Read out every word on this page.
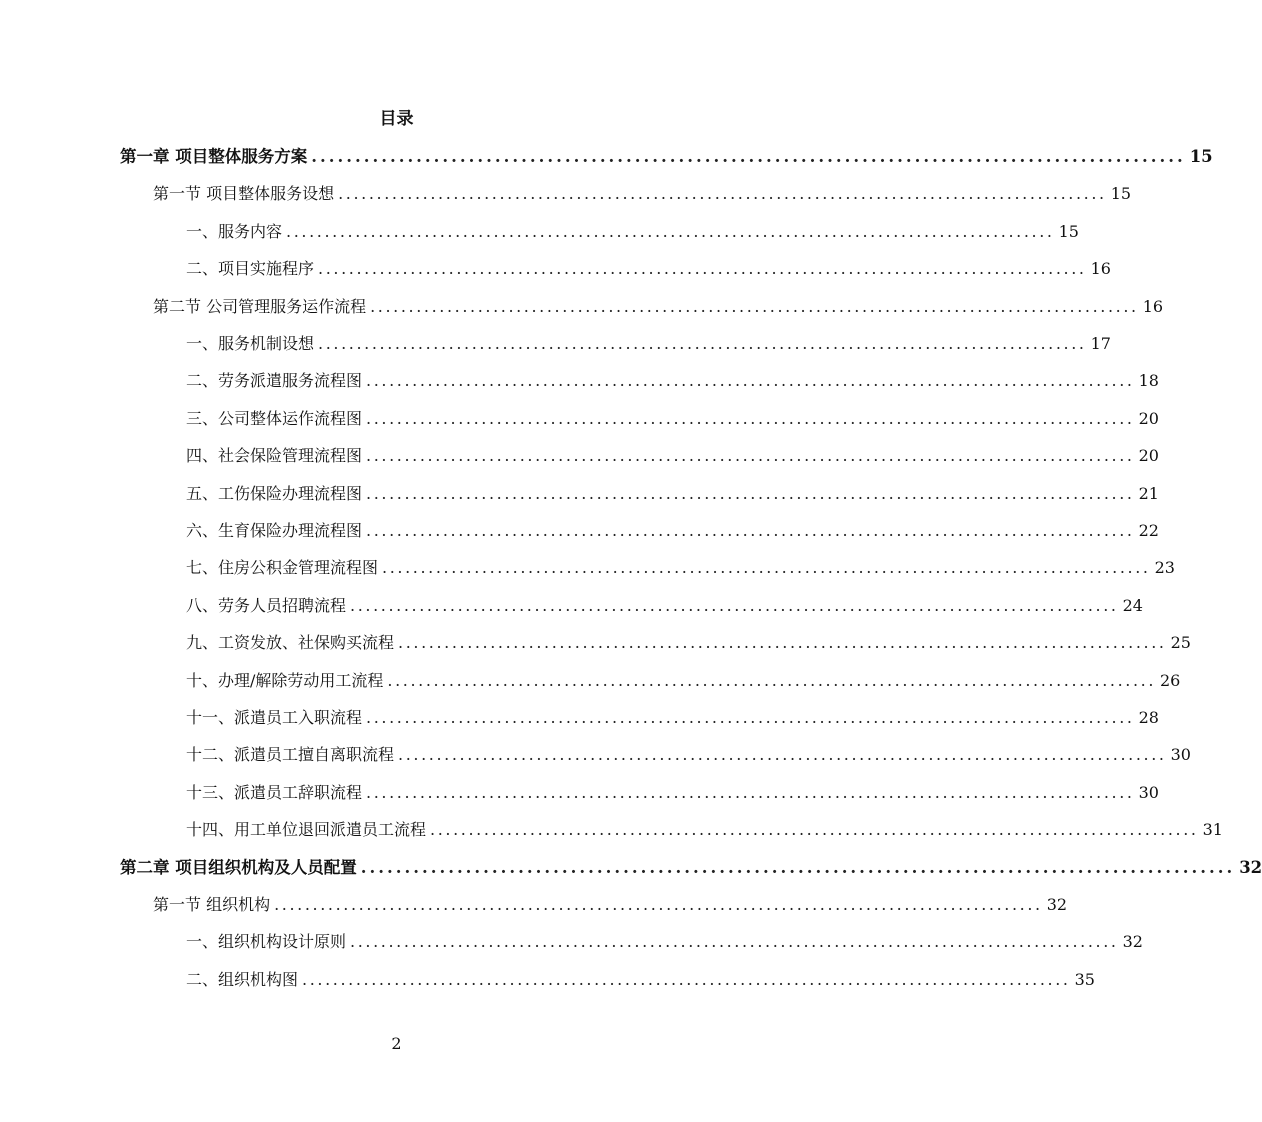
目录
第一章 项目整体服务方案 .................................................................................................... 15
第一节 项目整体服务设想 .................................................................................................... 15
一、服务内容 .................................................................................................... 15
二、项目实施程序 .................................................................................................... 16
第二节 公司管理服务运作流程 .................................................................................................... 16
一、服务机制设想 .................................................................................................... 17
二、劳务派遣服务流程图 .................................................................................................... 18
三、公司整体运作流程图 .................................................................................................... 20
四、社会保险管理流程图 .................................................................................................... 20
五、工伤保险办理流程图 .................................................................................................... 21
六、生育保险办理流程图 .................................................................................................... 22
七、住房公积金管理流程图 .................................................................................................... 23
八、劳务人员招聘流程 .................................................................................................... 24
九、工资发放、社保购买流程 .................................................................................................... 25
十、办理/解除劳动用工流程 .................................................................................................... 26
十一、派遣员工入职流程 .................................................................................................... 28
十二、派遣员工擅自离职流程 .................................................................................................... 30
十三、派遣员工辞职流程 .................................................................................................... 30
十四、用工单位退回派遣员工流程 .................................................................................................... 31
第二章 项目组织机构及人员配置 .................................................................................................... 32
第一节 组织机构 .................................................................................................... 32
一、组织机构设计原则 .................................................................................................... 32
二、组织机构图 .................................................................................................... 35
2
